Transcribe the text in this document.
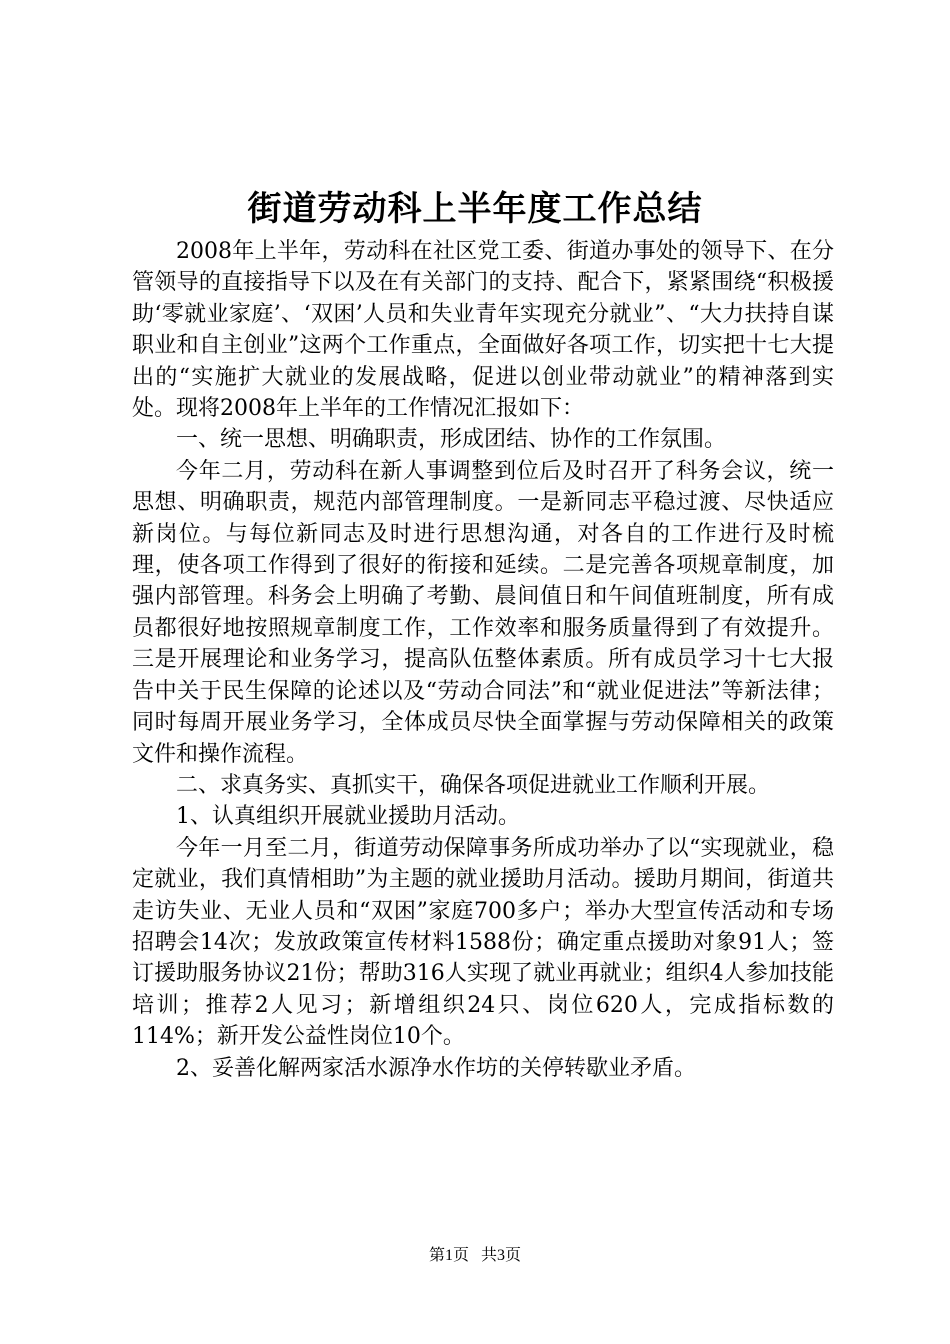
街道劳动科上半年度工作总结

2008年上半年，劳动科在社区党工委、街道办事处的领导下、在分管领导的直接指导下以及在有关部门的支持、配合下，紧紧围绕“积极援助‘零就业家庭’、‘双困’人员和失业青年实现充分就业”、“大力扶持自谋职业和自主创业”这两个工作重点，全面做好各项工作，切实把十七大提出的“实施扩大就业的发展战略，促进以创业带动就业”的精神落到实处。现将2008年上半年的工作情况汇报如下：

一、统一思想、明确职责，形成团结、协作的工作氛围。

今年二月，劳动科在新人事调整到位后及时召开了科务会议，统一思想、明确职责，规范内部管理制度。一是新同志平稳过渡、尽快适应新岗位。与每位新同志及时进行思想沟通，对各自的工作进行及时梳理，使各项工作得到了很好的衔接和延续。二是完善各项规章制度，加强内部管理。科务会上明确了考勤、晨间值日和午间值班制度，所有成员都很好地按照规章制度工作，工作效率和服务质量得到了有效提升。三是开展理论和业务学习，提高队伍整体素质。所有成员学习十七大报告中关于民生保障的论述以及“劳动合同法”和“就业促进法”等新法律；同时每周开展业务学习，全体成员尽快全面掌握与劳动保障相关的政策文件和操作流程。

二、求真务实、真抓实干，确保各项促进就业工作顺利开展。

1、认真组织开展就业援助月活动。

今年一月至二月，街道劳动保障事务所成功举办了以“实现就业，稳定就业，我们真情相助”为主题的就业援助月活动。援助月期间，街道共走访失业、无业人员和“双困”家庭700多户；举办大型宣传活动和专场招聘会14次；发放政策宣传材料1588份；确定重点援助对象91人；签订援助服务协议21份；帮助316人实现了就业再就业；组织4人参加技能培训；推荐2人见习；新增组织24只、岗位620人，完成指标数的114%；新开发公益性岗位10个。

2、妥善化解两家活水源净水作坊的关停转歇业矛盾。

第1页 共3页
